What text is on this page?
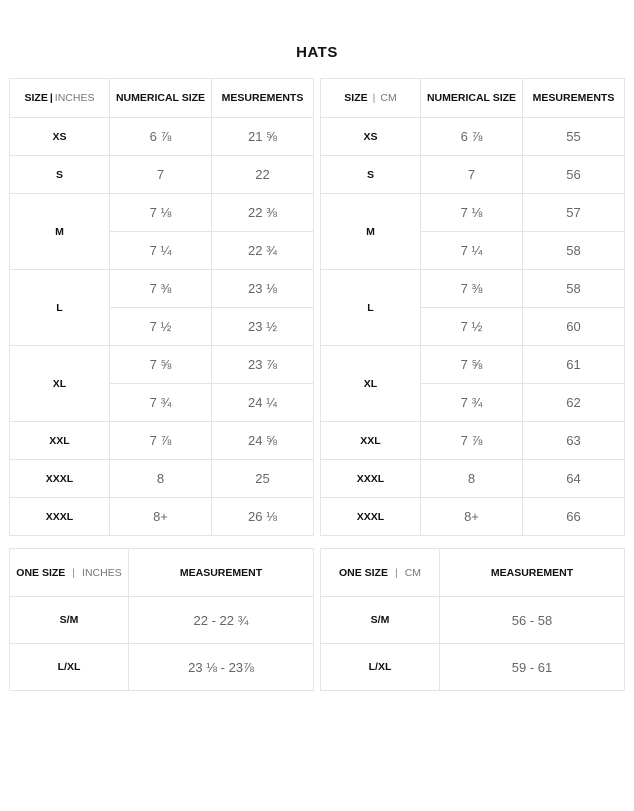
HATS
SIZE | INCHES	NUMERICAL SIZE	MESUREMENTS
XS	6 ⅞	21 ⅝
S	7	22
M	7 ⅛	22 ⅜
	7 ¼	22 ¾
L	7 ⅜	23 ⅛
	7 ½	23 ½
XL	7 ⅝	23 ⅞
	7 ¾	24 ¼
XXL	7 ⅞	24 ⅝
XXXL	8	25
XXXL	8+	26 ⅛
SIZE | CM	NUMERICAL SIZE	MESUREMENTS
XS	6 ⅞	55
S	7	56
M	7 ⅛	57
	7 ¼	58
L	7 ⅜	58
	7 ½	60
XL	7 ⅝	61
	7 ¾	62
XXL	7 ⅞	63
XXXL	8	64
XXXL	8+	66
ONE SIZE | INCHES	MEASUREMENT
S/M	22 - 22 ¾
L/XL	23 ⅛ - 23⅞
ONE SIZE | CM	MEASUREMENT
S/M	56 - 58
L/XL	59 - 61
